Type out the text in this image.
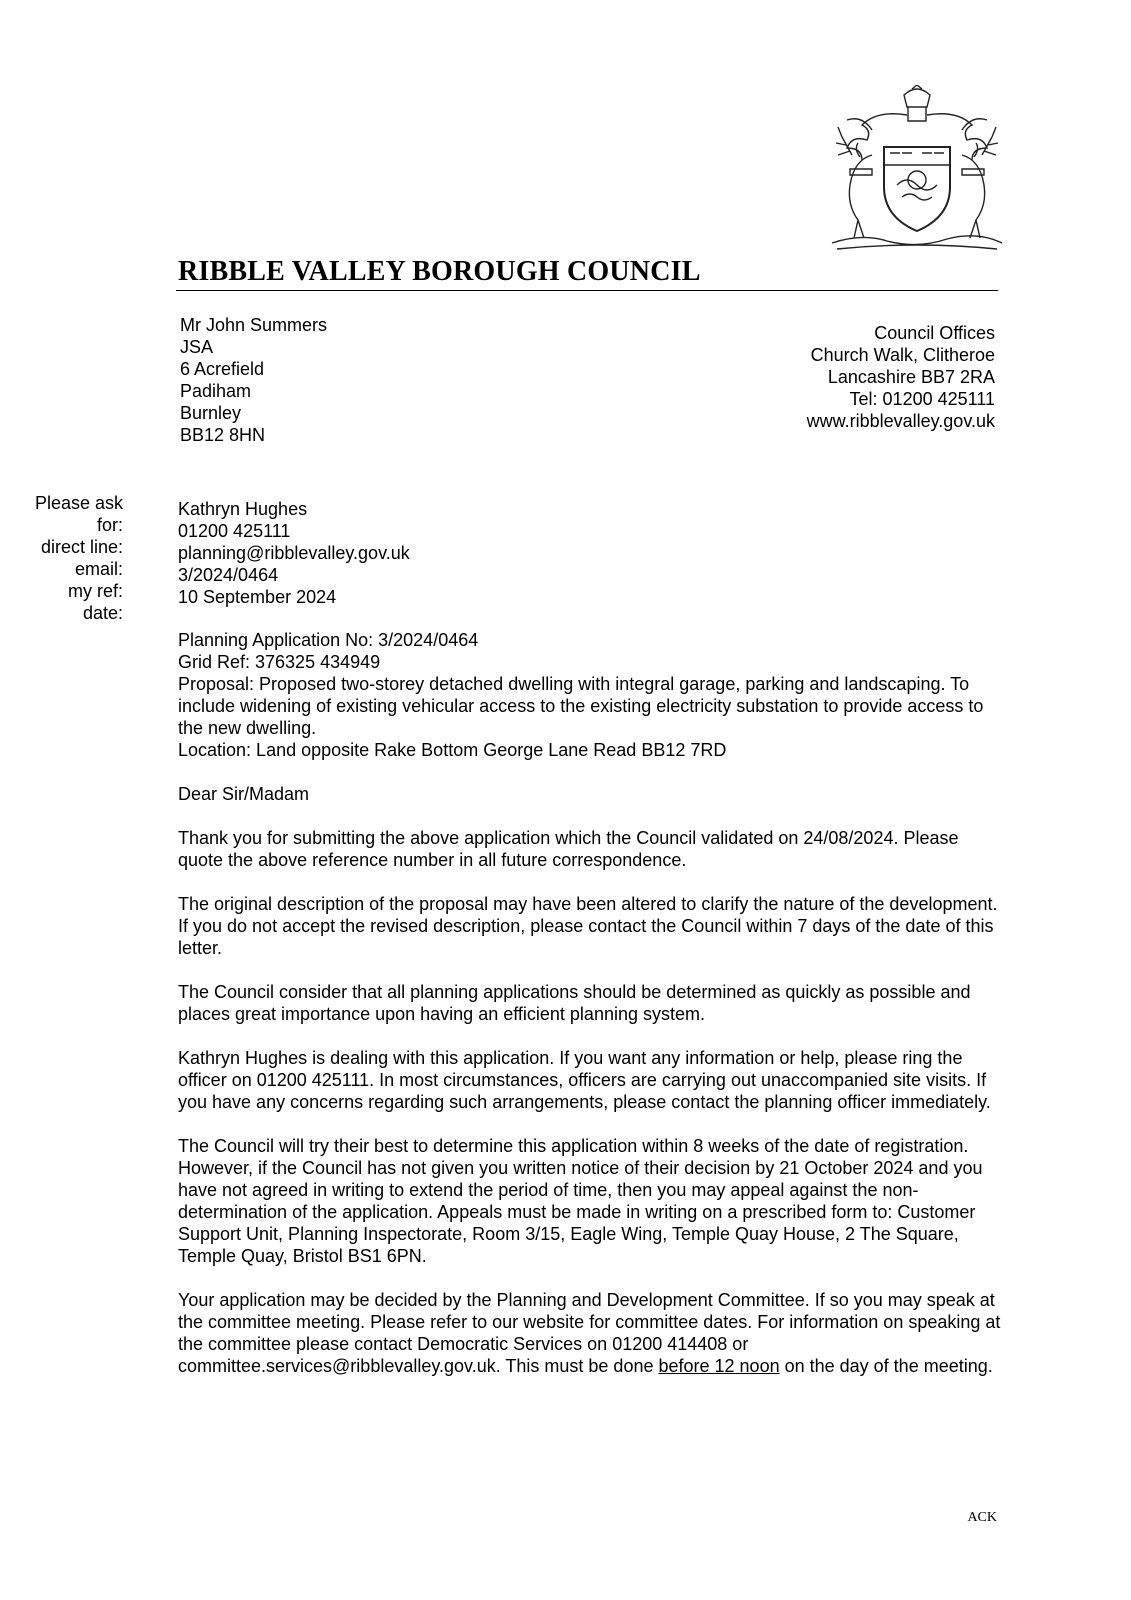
RIBBLE VALLEY BOROUGH COUNCIL
Mr John Summers
JSA
6 Acrefield
Padiham
Burnley
BB12 8HN
Council Offices
Church Walk, Clitheroe
Lancashire BB7 2RA
Tel: 01200 425111
www.ribblevalley.gov.uk
Please ask
for:
direct line:
email:
my ref:
date:
Kathryn Hughes
01200 425111
planning@ribblevalley.gov.uk
3/2024/0464
10 September 2024

Planning Application No: 3/2024/0464

Grid Ref: 376325 434949

Proposal: Proposed two-storey detached dwelling with integral garage, parking and landscaping. To include widening of existing vehicular access to the existing electricity substation to provide access to the new dwelling.

Location: Land opposite Rake Bottom George Lane Read BB12 7RD

Dear Sir/Madam

Thank you for submitting the above application which the Council validated on 24/08/2024. Please quote the above reference number in all future correspondence.

The original description of the proposal may have been altered to clarify the nature of the development. If you do not accept the revised description, please contact the Council within 7 days of the date of this letter.

The Council consider that all planning applications should be determined as quickly as possible and places great importance upon having an efficient planning system.

Kathryn Hughes is dealing with this application. If you want any information or help, please ring the officer on 01200 425111. In most circumstances, officers are carrying out unaccompanied site visits. If you have any concerns regarding such arrangements, please contact the planning officer immediately.

The Council will try their best to determine this application within 8 weeks of the date of registration. However, if the Council has not given you written notice of their decision by 21 October 2024 and you have not agreed in writing to extend the period of time, then you may appeal against the non-determination of the application. Appeals must be made in writing on a prescribed form to: Customer Support Unit, Planning Inspectorate, Room 3/15, Eagle Wing, Temple Quay House, 2 The Square, Temple Quay, Bristol BS1 6PN.

Your application may be decided by the Planning and Development Committee. If so you may speak at the committee meeting. Please refer to our website for committee dates. For information on speaking at the committee please contact Democratic Services on 01200 414408 or committee.services@ribblevalley.gov.uk. This must be done before 12 noon on the day of the meeting.

ACK
